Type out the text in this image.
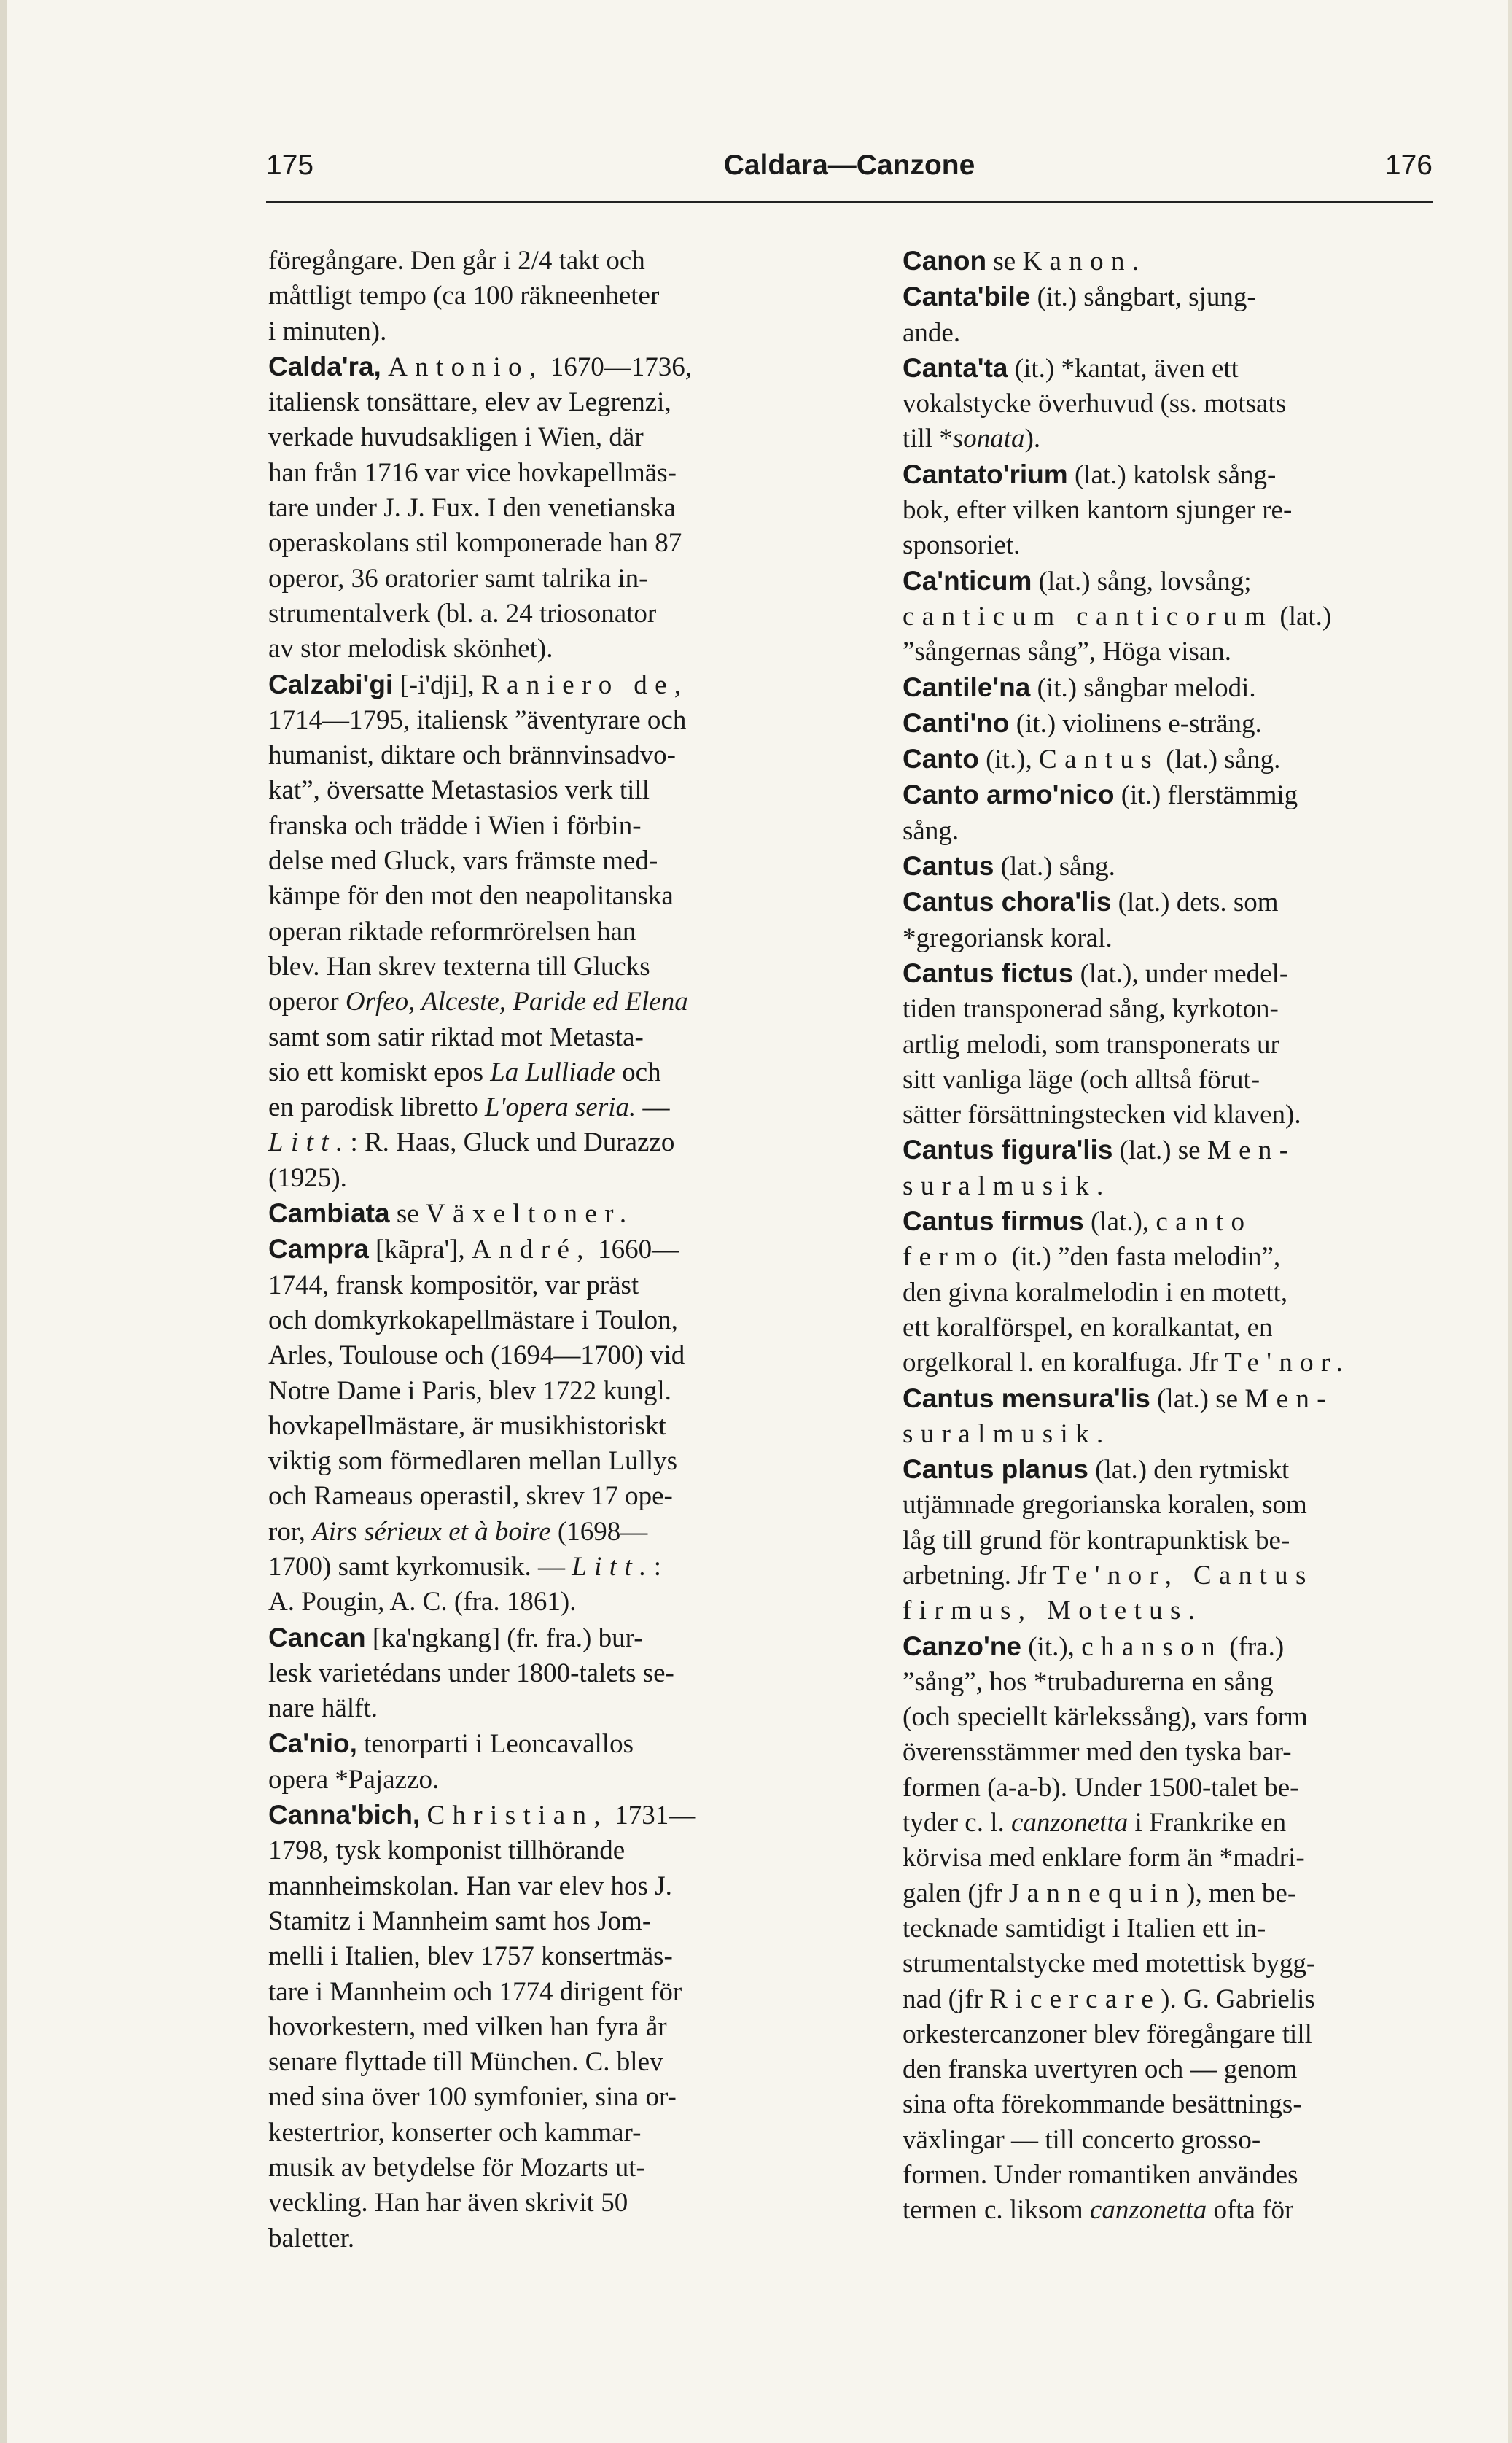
175	Caldara—Canzone	176
föregångare. Den går i 2/4 takt och
måttligt tempo (ca 100 räkneenheter
i minuten).
Calda'ra, Antonio, 1670—1736,
italiensk tonsättare, elev av Legrenzi,
verkade huvudsakligen i Wien, där
han från 1716 var vice hovkapellmäs-
tare under J. J. Fux. I den venetianska
operaskolans stil komponerade han 87
operor, 36 oratorier samt talrika in-
strumentalverk (bl. a. 24 triosonator
av stor melodisk skönhet).
Calzabi'gi [-i'dji], Raniero de,
1714—1795, italiensk ”äventyrare och
humanist, diktare och brännvinsadvo-
kat”, översatte Metastasios verk till
franska och trädde i Wien i förbin-
delse med Gluck, vars främste med-
kämpe för den mot den neapolitanska
operan riktade reformrörelsen han
blev. Han skrev texterna till Glucks
operor Orfeo, Alceste, Paride ed Elena
samt som satir riktad mot Metasta-
sio ett komiskt epos La Lulliade och
en parodisk libretto L'opera seria. —
Litt.: R. Haas, Gluck und Durazzo
(1925).
Cambiata se Växeltoner.
Campra [kãpra'], André, 1660—
1744, fransk kompositör, var präst
och domkyrkokapellmästare i Toulon,
Arles, Toulouse och (1694—1700) vid
Notre Dame i Paris, blev 1722 kungl.
hovkapellmästare, är musikhistoriskt
viktig som förmedlaren mellan Lullys
och Rameaus operastil, skrev 17 ope-
ror, Airs sérieux et à boire (1698—
1700) samt kyrkomusik. — Litt.:
A. Pougin, A. C. (fra. 1861).
Cancan [ka'ngkang] (fr. fra.) bur-
lesk varietédans under 1800-talets se-
nare hälft.
Ca'nio, tenorparti i Leoncavallos
opera *Pajazzo.
Canna'bich, Christian, 1731—
1798, tysk komponist tillhörande
mannheimskolan. Han var elev hos J.
Stamitz i Mannheim samt hos Jom-
melli i Italien, blev 1757 konsertmäs-
tare i Mannheim och 1774 dirigent för
hovorkestern, med vilken han fyra år
senare flyttade till München. C. blev
med sina över 100 symfonier, sina or-
kestertrior, konserter och kammar-
musik av betydelse för Mozarts ut-
veckling. Han har även skrivit 50
baletter.
Canon se Kanon.
Canta'bile (it.) sångbart, sjung-
ande.
Canta'ta (it.) *kantat, även ett
vokalstycke överhuvud (ss. motsats
till *sonata).
Cantato'rium (lat.) katolsk sång-
bok, efter vilken kantorn sjunger re-
sponsoriet.
Ca'nticum (lat.) sång, lovsång;
canticum canticorum (lat.)
”sångernas sång”, Höga visan.
Cantile'na (it.) sångbar melodi.
Canti'no (it.) violinens e-sträng.
Canto (it.), Cantus (lat.) sång.
Canto armo'nico (it.) flerstämmig
sång.
Cantus (lat.) sång.
Cantus chora'lis (lat.) dets. som
*gregoriansk koral.
Cantus fictus (lat.), under medel-
tiden transponerad sång, kyrkoton-
artlig melodi, som transponerats ur
sitt vanliga läge (och alltså förut-
sätter försättningstecken vid klaven).
Cantus figura'lis (lat.) se Men-
suralmusik.
Cantus firmus (lat.), canto
fermo (it.) ”den fasta melodin”,
den givna koralmelodin i en motett,
ett koralförspel, en koralkantat, en
orgelkoral l. en koralfuga. Jfr Te'nor.
Cantus mensura'lis (lat.) se Men-
suralmusik.
Cantus planus (lat.) den rytmiskt
utjämnade gregorianska koralen, som
låg till grund för kontrapunktisk be-
arbetning. Jfr Te'nor, Cantus
firmus, Motetus.
Canzo'ne (it.), chanson (fra.)
”sång”, hos *trubadurerna en sång
(och speciellt kärlekssång), vars form
överensstämmer med den tyska bar-
formen (a-a-b). Under 1500-talet be-
tyder c. l. canzonetta i Frankrike en
körvisa med enklare form än *madri-
galen (jfr Jannequin), men be-
tecknade samtidigt i Italien ett in-
strumentalstycke med motettisk bygg-
nad (jfr Ricercare). G. Gabrielis
orkestercanzoner blev föregångare till
den franska uvertyren och — genom
sina ofta förekommande besättnings-
växlingar — till concerto grosso-
formen. Under romantiken användes
termen c. liksom canzonetta ofta för
